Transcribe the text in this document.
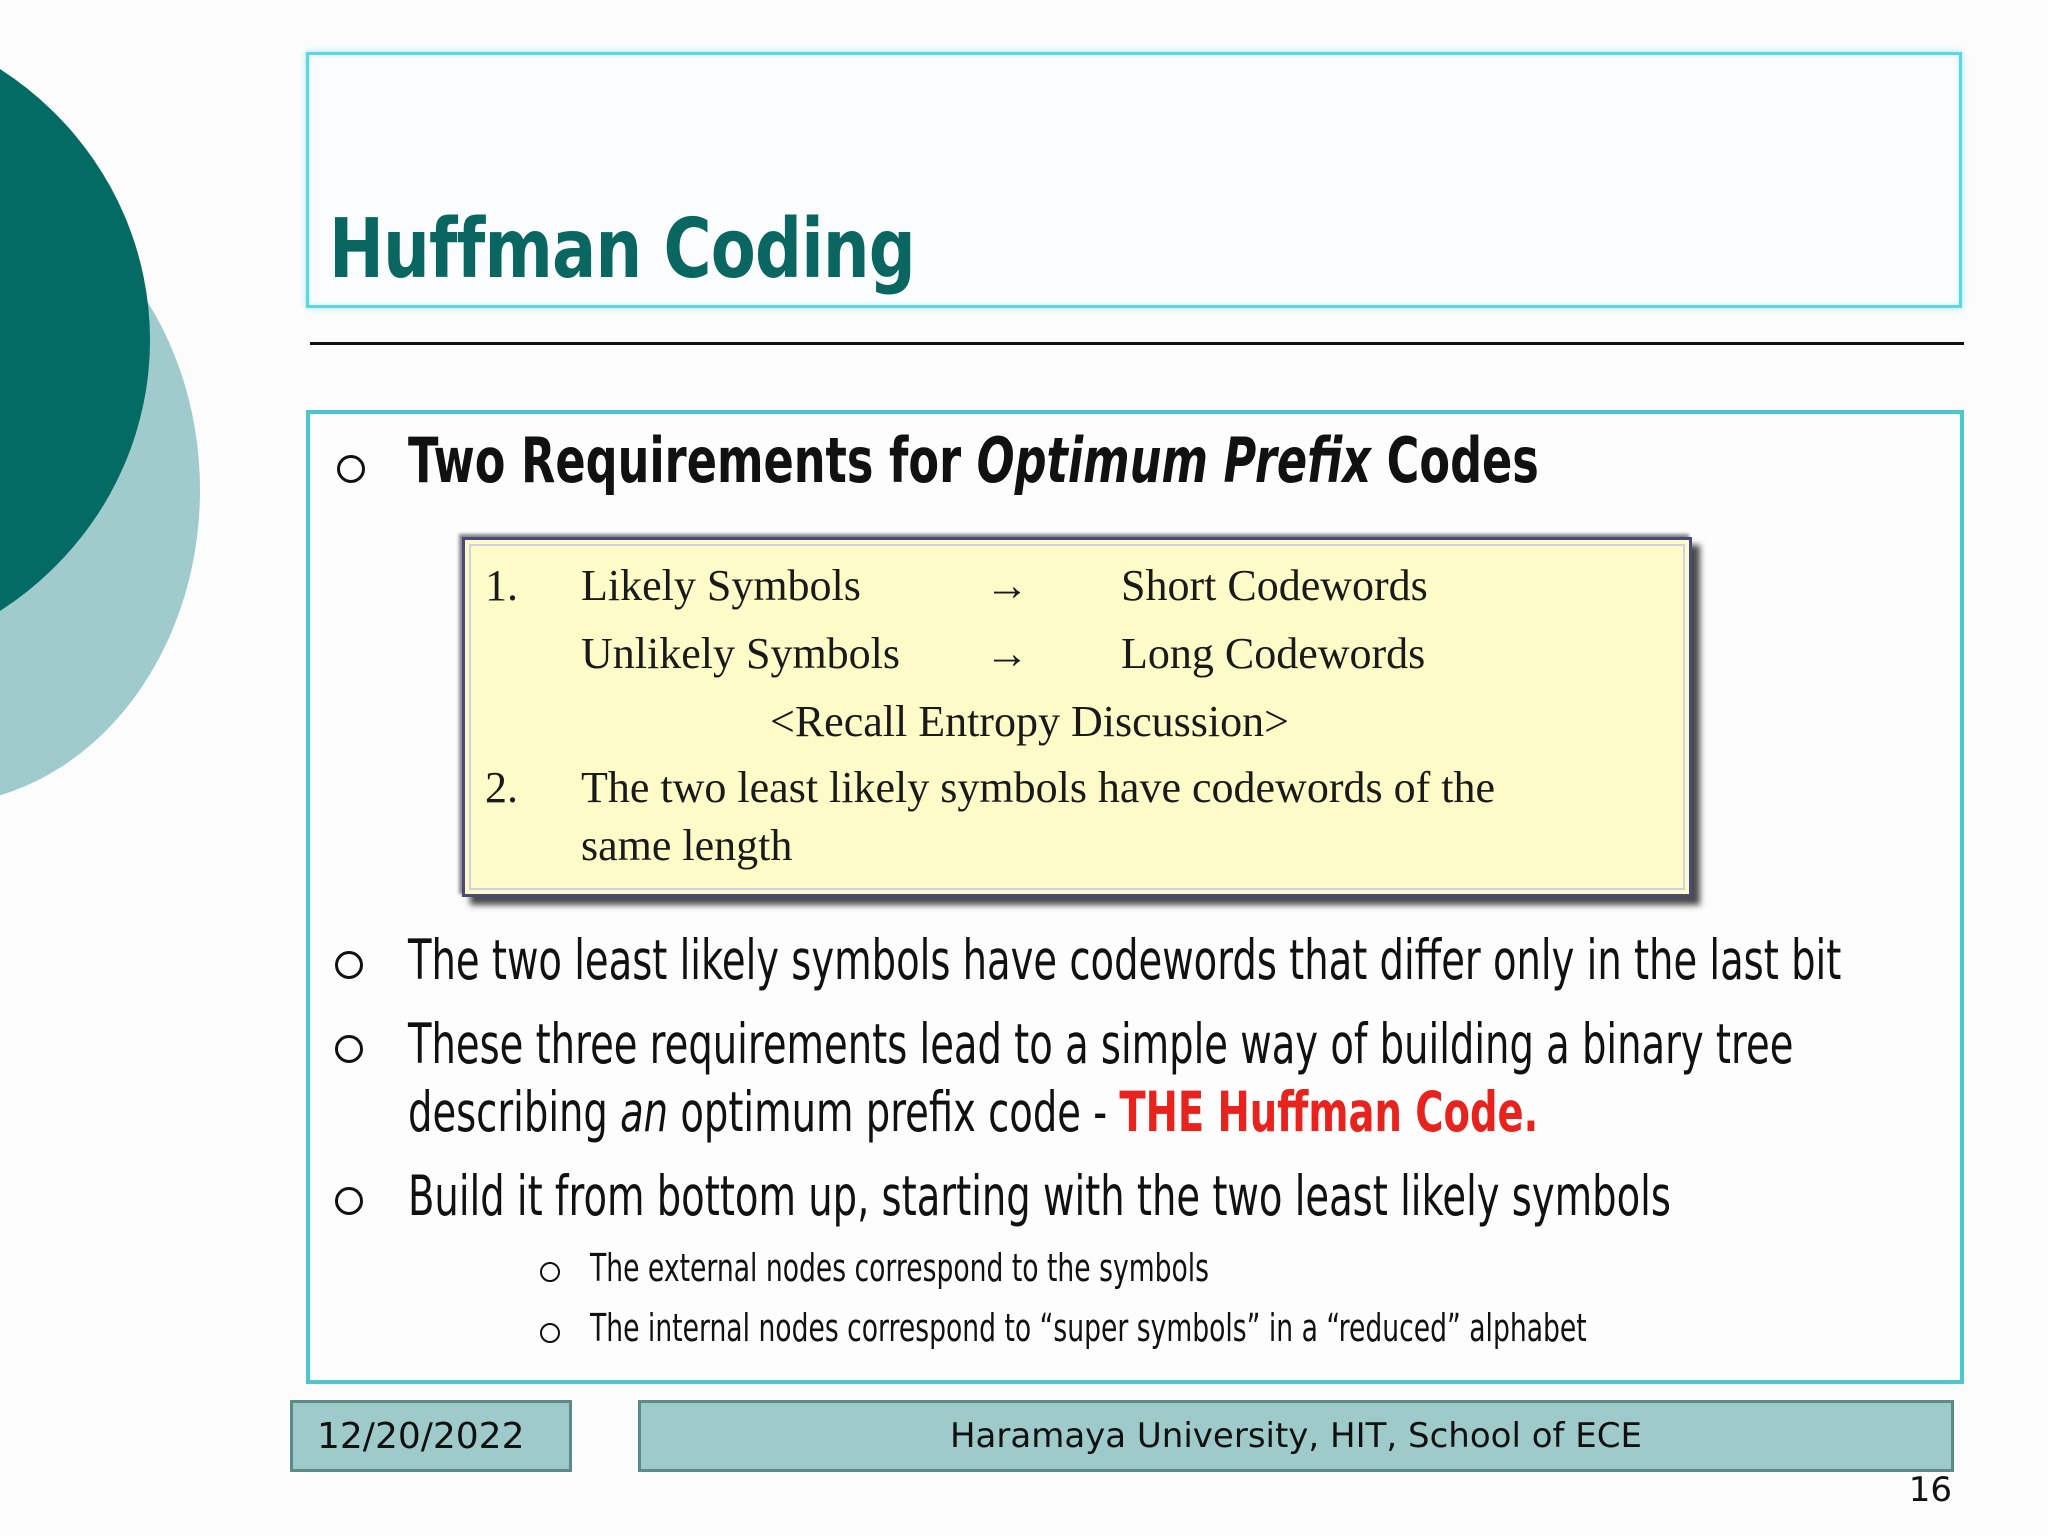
Huffman Coding
Two Requirements for Optimum Prefix Codes
1. Likely Symbols	→ Short Codewords
Unlikely Symbols → Long Codewords
<Recall Entropy Discussion>
2. The two least likely symbols have codewords of the
same length
The two least likely symbols have codewords that differ only in the last bit
These three requirements lead to a simple way of building a binary tree
describing an optimum prefix code - THE Huffman Code.
Build it from bottom up, starting with the two least likely symbols
The external nodes correspond to the symbols
The internal nodes correspond to “super symbols” in a “reduced” alphabet
12/20/2022	Haramaya University, HIT, School of ECE
16
